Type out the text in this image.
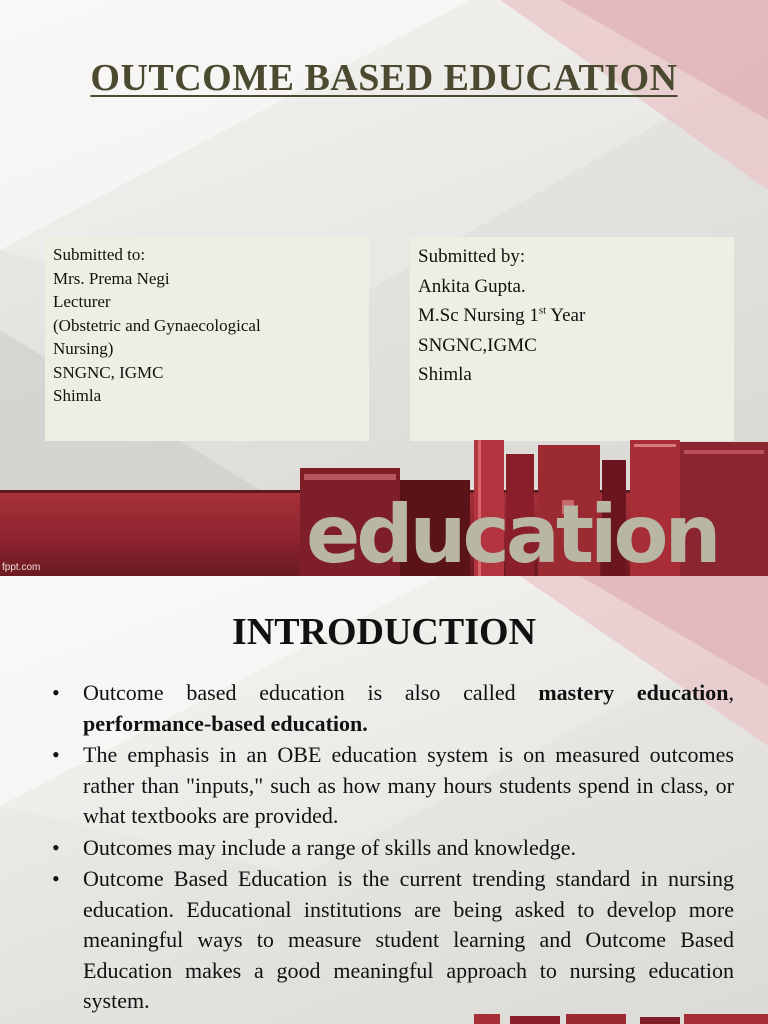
OUTCOME BASED EDUCATION
Submitted to:
Mrs. Prema Negi
Lecturer
(Obstetric and Gynaecological
Nursing)
SNGNC, IGMC
Shimla
Submitted by:
Ankita Gupta.
M.Sc Nursing 1st Year
SNGNC,IGMC
Shimla
education
fppt.com
INTRODUCTION
• Outcome based education is also called mastery education, performance-based education.
• The emphasis in an OBE education system is on measured outcomes rather than "inputs," such as how many hours students spend in class, or what textbooks are provided.
• Outcomes may include a range of skills and knowledge.
• Outcome Based Education is the current trending standard in nursing education. Educational institutions are being asked to develop more meaningful ways to measure student learning and Outcome Based Education makes a good meaningful approach to nursing education system.
